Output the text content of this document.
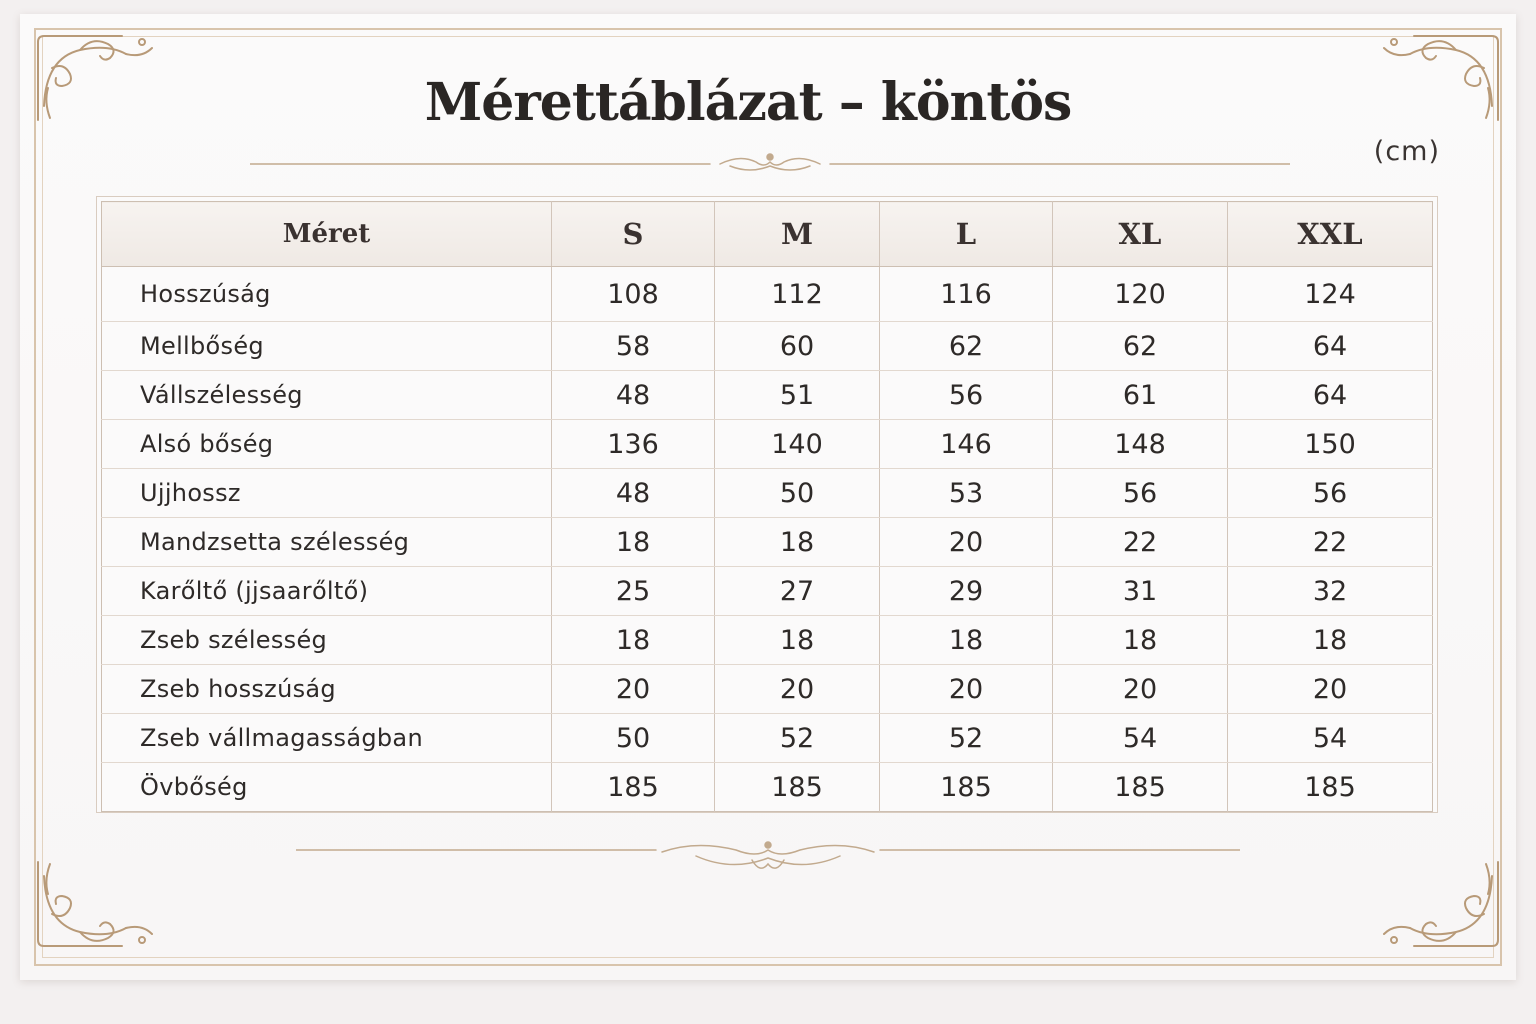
Mérettáblázat – köntös
(cm)
Méret	S	M	L	XL	XXL
Hosszúság	108	112	116	120	124
Mellbőség	58	60	62	62	64
Vállszélesség	48	51	56	61	64
Alsó bőség	136	140	146	148	150
Ujjhossz	48	50	53	56	56
Mandzsetta szélesség	18	18	20	22	22
Karőltő (jjsaarőltő)	25	27	29	31	32
Zseb szélesség	18	18	18	18	18
Zseb hosszúság	20	20	20	20	20
Zseb vállmagasságban	50	52	52	54	54
Övbőség	185	185	185	185	185
